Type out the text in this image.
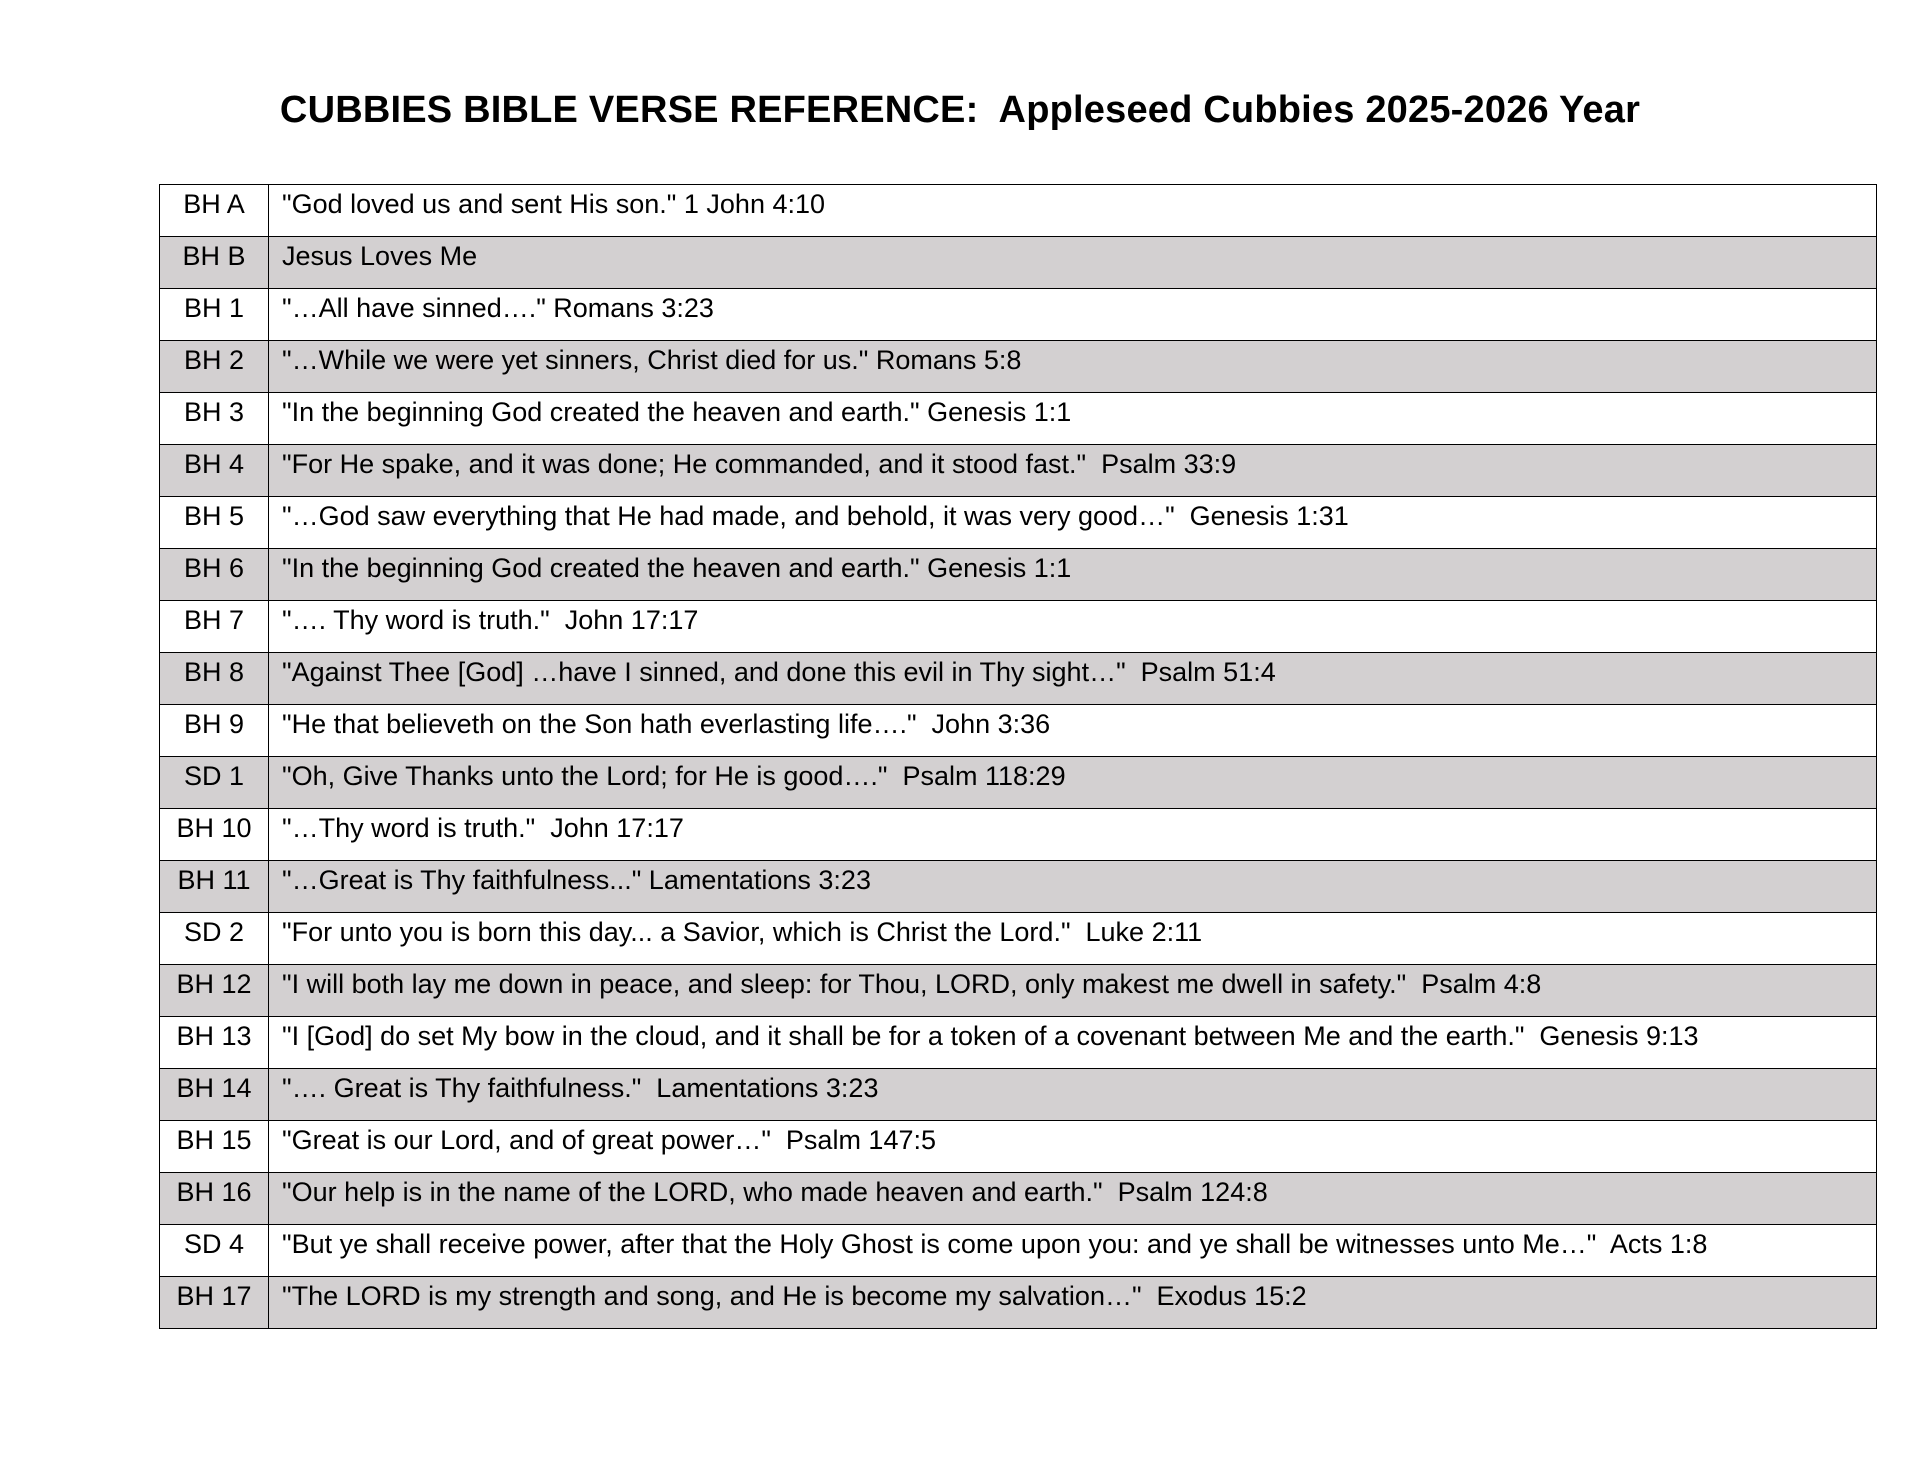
CUBBIES BIBLE VERSE REFERENCE:  Appleseed Cubbies 2025-2026 Year
BH A	"God loved us and sent His son." 1 John 4:10
BH B	Jesus Loves Me
BH 1	"…All have sinned…." Romans 3:23
BH 2	"…While we were yet sinners, Christ died for us." Romans 5:8
BH 3	"In the beginning God created the heaven and earth." Genesis 1:1
BH 4	"For He spake, and it was done; He commanded, and it stood fast."  Psalm 33:9
BH 5	"…God saw everything that He had made, and behold, it was very good…"  Genesis 1:31
BH 6	"In the beginning God created the heaven and earth." Genesis 1:1
BH 7	"…. Thy word is truth."  John 17:17
BH 8	"Against Thee [God] …have I sinned, and done this evil in Thy sight…"  Psalm 51:4
BH 9	"He that believeth on the Son hath everlasting life…."  John 3:36
SD 1	"Oh, Give Thanks unto the Lord; for He is good…."  Psalm 118:29
BH 10	"…Thy word is truth."  John 17:17
BH 11	"…Great is Thy faithfulness..." Lamentations 3:23
SD 2	"For unto you is born this day... a Savior, which is Christ the Lord."  Luke 2:11
BH 12	"I will both lay me down in peace, and sleep: for Thou, LORD, only makest me dwell in safety."  Psalm 4:8
BH 13	"I [God] do set My bow in the cloud, and it shall be for a token of a covenant between Me and the earth."  Genesis 9:13
BH 14	"…. Great is Thy faithfulness."  Lamentations 3:23
BH 15	"Great is our Lord, and of great power…"  Psalm 147:5
BH 16	"Our help is in the name of the LORD, who made heaven and earth."  Psalm 124:8
SD 4	"But ye shall receive power, after that the Holy Ghost is come upon you: and ye shall be witnesses unto Me…"  Acts 1:8
BH 17	"The LORD is my strength and song, and He is become my salvation…"  Exodus 15:2
